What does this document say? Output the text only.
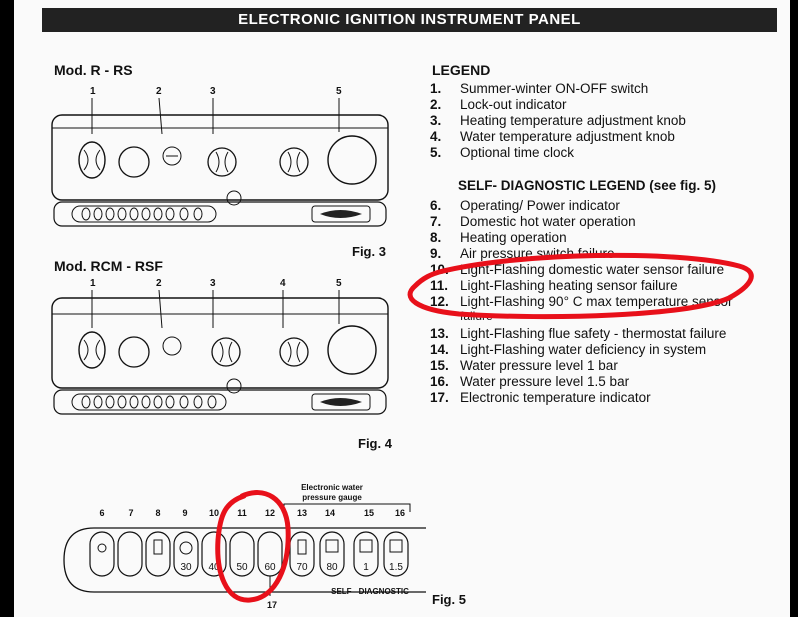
ELECTRONIC IGNITION INSTRUMENT PANEL
Mod. R - RS
1	2	3	5
Fig. 3
Mod. RCM - RSF
1	2	3	4	5
Fig. 4
Electronic water
pressure gauge
6	7 8 9 10 11 12 13 14	15 16
30 40 50 60 70 80	1 1.5
17
SELF - DIAGNOSTIC
Fig. 5
LEGEND
1. Summer-winter ON-OFF switch
2. Lock-out indicator
3. Heating temperature adjustment knob
4. Water temperature adjustment knob
5. Optional time clock
SELF- DIAGNOSTIC LEGEND (see fig. 5)
6. Operating/ Power indicator
7. Domestic hot water operation
8. Heating operation
9. Air pressure switch failure
10. Light-Flashing domestic water sensor failure
11. Light-Flashing heating sensor failure
12. Light-Flashing 90° C max temperature sensor
failure
13. Light-Flashing flue safety - thermostat failure
14. Light-Flashing water deficiency in system
15. Water pressure level 1 bar
16. Water pressure level 1.5 bar
17. Electronic temperature indicator
